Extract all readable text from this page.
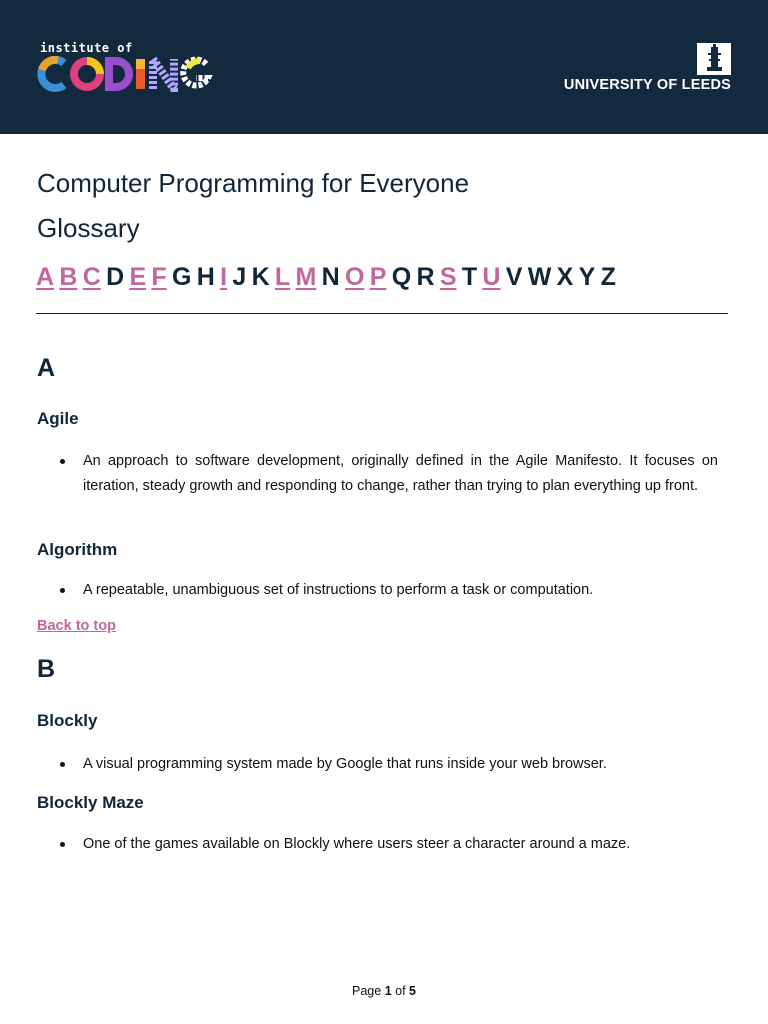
institute of
UNIVERSITY OF LEEDS
Computer Programming for Everyone
Glossary
A B C D E F G H I J K L M N O P Q R S T U V W X Y Z
A
Agile

An approach to software development, originally defined in the Agile Manifesto. It focuses on iteration, steady growth and responding to change, rather than trying to plan everything up front.

Algorithm

A repeatable, unambiguous set of instructions to perform a task or computation.

Back to top
B
Blockly

A visual programming system made by Google that runs inside your web browser.

Blockly Maze

One of the games available on Blockly where users steer a character around a maze.

Page 1 of 5
